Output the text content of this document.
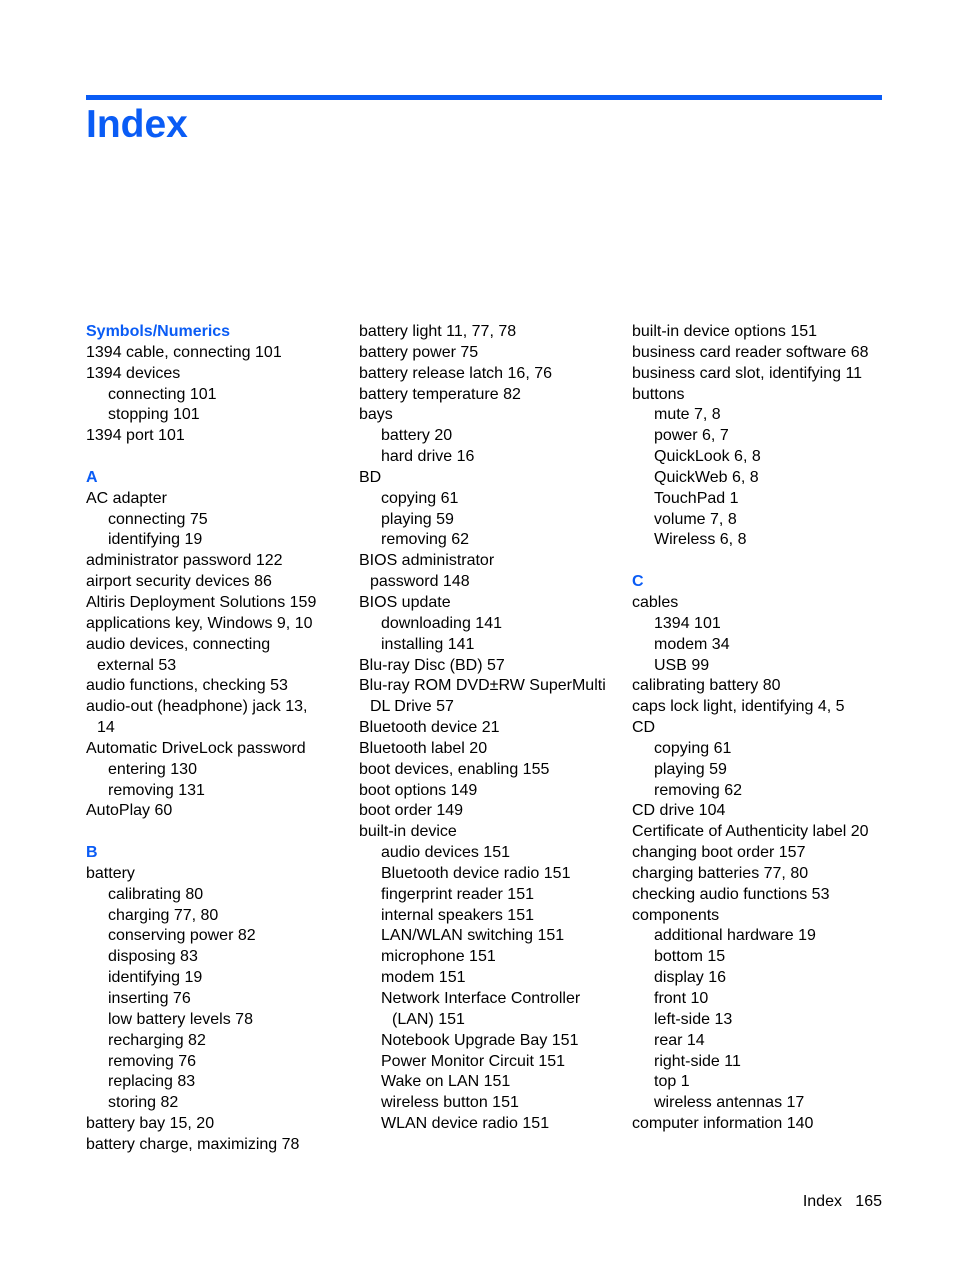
Index
Symbols/Numerics
1394 cable, connecting 101
1394 devices
connecting 101
stopping 101
1394 port 101
A
AC adapter
connecting 75
identifying 19
administrator password 122
airport security devices 86
Altiris Deployment Solutions 159
applications key, Windows 9, 10
audio devices, connecting
external 53
audio functions, checking 53
audio-out (headphone) jack 13,
14
Automatic DriveLock password
entering 130
removing 131
AutoPlay 60
B
battery
calibrating 80
charging 77, 80
conserving power 82
disposing 83
identifying 19
inserting 76
low battery levels 78
recharging 82
removing 76
replacing 83
storing 82
battery bay 15, 20
battery charge, maximizing 78
battery light 11, 77, 78
battery power 75
battery release latch 16, 76
battery temperature 82
bays
battery 20
hard drive 16
BD
copying 61
playing 59
removing 62
BIOS administrator
password 148
BIOS update
downloading 141
installing 141
Blu-ray Disc (BD) 57
Blu-ray ROM DVD±RW SuperMulti
DL Drive 57
Bluetooth device 21
Bluetooth label 20
boot devices, enabling 155
boot options 149
boot order 149
built-in device
audio devices 151
Bluetooth device radio 151
fingerprint reader 151
internal speakers 151
LAN/WLAN switching 151
microphone 151
modem 151
Network Interface Controller
(LAN) 151
Notebook Upgrade Bay 151
Power Monitor Circuit 151
Wake on LAN 151
wireless button 151
WLAN device radio 151
built-in device options 151
business card reader software 68
business card slot, identifying 11
buttons
mute 7, 8
power 6, 7
QuickLook 6, 8
QuickWeb 6, 8
TouchPad 1
volume 7, 8
Wireless 6, 8
C
cables
1394 101
modem 34
USB 99
calibrating battery 80
caps lock light, identifying 4, 5
CD
copying 61
playing 59
removing 62
CD drive 104
Certificate of Authenticity label 20
changing boot order 157
charging batteries 77, 80
checking audio functions 53
components
additional hardware 19
bottom 15
display 16
front 10
left-side 13
rear 14
right-side 11
top 1
wireless antennas 17
computer information 140
Index   165
